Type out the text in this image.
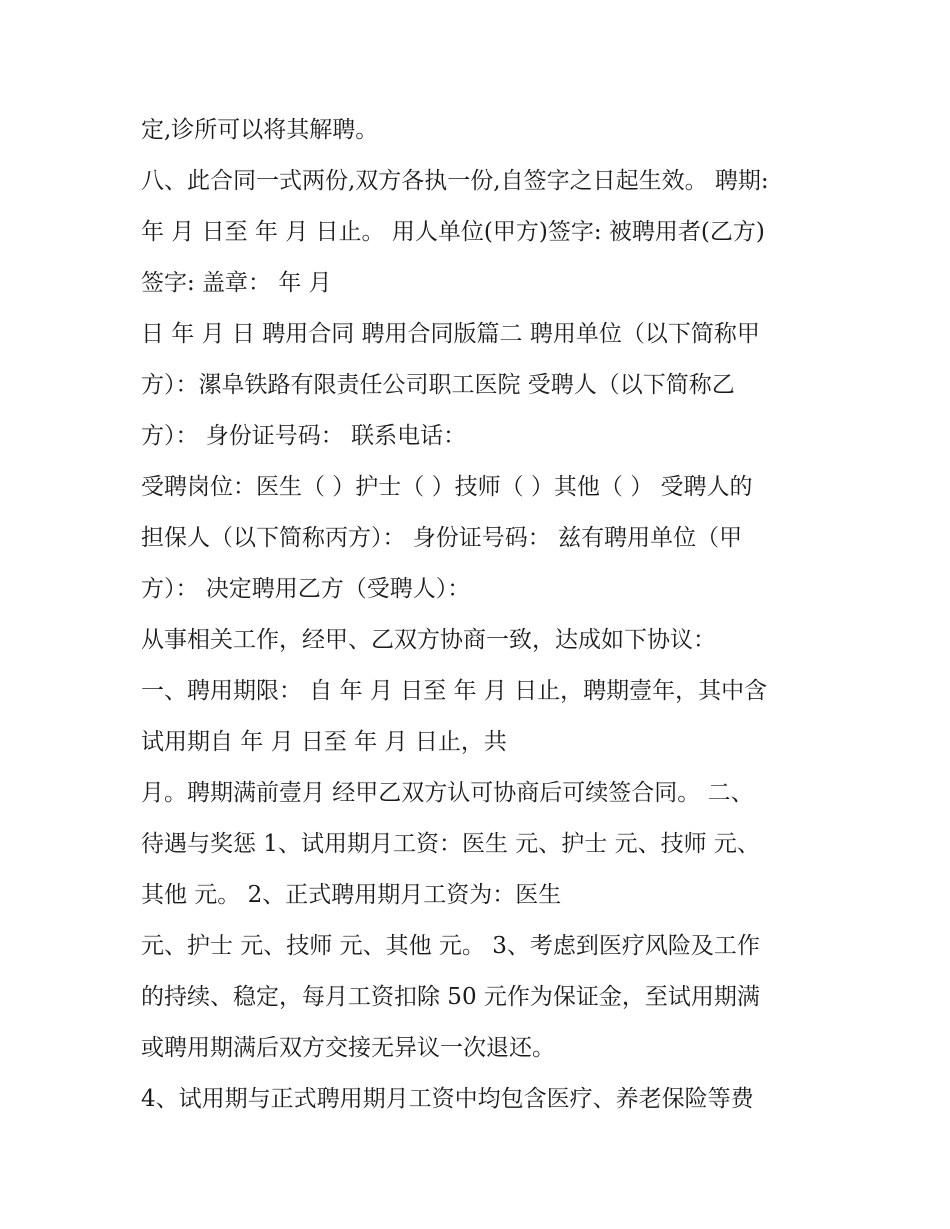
定,诊所可以将其解聘。
八、此合同一式两份,双方各执一份,自签字之日起生效。 聘期:
年 月 日至 年 月 日止。 用人单位(甲方)签字: 被聘用者(乙方)
签字: 盖章： 年 月
日 年 月 日 聘用合同 聘用合同版篇二 聘用单位（以下简称甲
方）：漯阜铁路有限责任公司职工医院 受聘人（以下简称乙
方）： 身份证号码： 联系电话：
受聘岗位：医生（ ）护士（ ）技师（ ）其他（ ） 受聘人的
担保人（以下简称丙方）： 身份证号码： 兹有聘用单位（甲
方）： 决定聘用乙方（受聘人）：
从事相关工作，经甲、乙双方协商一致，达成如下协议：
一、聘用期限： 自 年 月 日至 年 月 日止，聘期壹年，其中含
试用期自 年 月 日至 年 月 日止，共
月。聘期满前壹月 经甲乙双方认可协商后可续签合同。 二、
待遇与奖惩 1、试用期月工资：医生 元、护士 元、技师 元、
其他 元。 2、正式聘用期月工资为：医生
元、护士 元、技师 元、其他 元。 3、考虑到医疗风险及工作
的持续、稳定，每月工资扣除 50 元作为保证金，至试用期满
或聘用期满后双方交接无异议一次退还。
4、试用期与正式聘用期月工资中均包含医疗、养老保险等费
